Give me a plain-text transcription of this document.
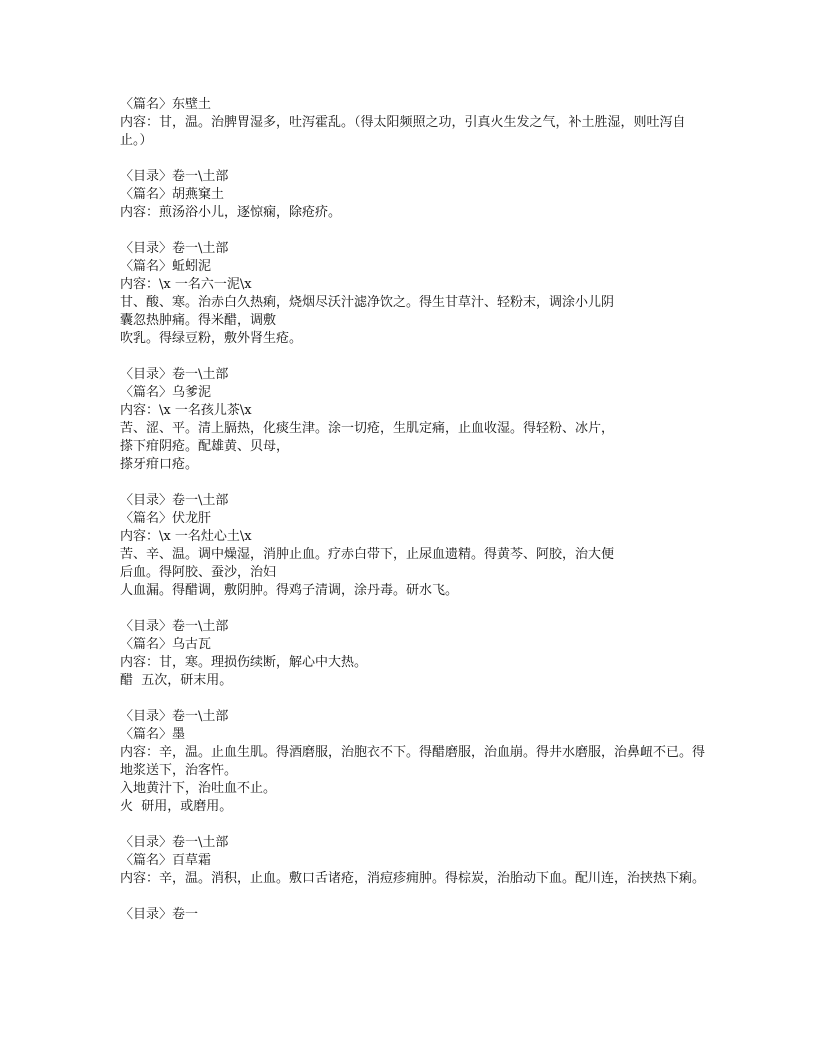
〈篇名〉东壁土
内容：甘，温。治脾胃湿多，吐泻霍乱。（得太阳频照之功，引真火生发之气，补土胜湿，则吐泻自止。）
〈目录〉卷一\土部
〈篇名〉胡燕窠土
内容：煎汤浴小儿，逐惊痫，除疮疥。
〈目录〉卷一\土部
〈篇名〉蚯蚓泥
内容：\x 一名六一泥\x
甘、酸、寒。治赤白久热痢，烧烟尽沃汁滤净饮之。得生甘草汁、轻粉末，调涂小儿阴
囊忽热肿痛。得米醋，调敷
吹乳。得绿豆粉，敷外肾生疮。
〈目录〉卷一\土部
〈篇名〉乌爹泥
内容：\x 一名孩儿茶\x
苦、涩、平。清上膈热，化痰生津。涂一切疮，生肌定痛，止血收湿。得轻粉、冰片，
搽下疳阴疮。配雄黄、贝母，
搽牙疳口疮。
〈目录〉卷一\土部
〈篇名〉伏龙肝
内容：\x 一名灶心土\x
苦、辛、温。调中燥湿，消肿止血。疗赤白带下，止尿血遗精。得黄芩、阿胶，治大便
后血。得阿胶、蚕沙，治妇
人血漏。得醋调，敷阴肿。得鸡子清调，涂丹毒。研水飞。
〈目录〉卷一\土部
〈篇名〉乌古瓦
内容：甘，寒。理损伤续断，解心中大热。
醋  五次，研末用。
〈目录〉卷一\土部
〈篇名〉墨
内容：辛，温。止血生肌。得酒磨服，治胞衣不下。得醋磨服，治血崩。得井水磨服，治鼻衄不已。得地浆送下，治客忤。
入地黄汁下，治吐血不止。
火  研用，或磨用。
〈目录〉卷一\土部
〈篇名〉百草霜
内容：辛，温。消积，止血。敷口舌诸疮，消痘疹痈肿。得棕炭，治胎动下血。配川连，治挟热下痢。
〈目录〉卷一
